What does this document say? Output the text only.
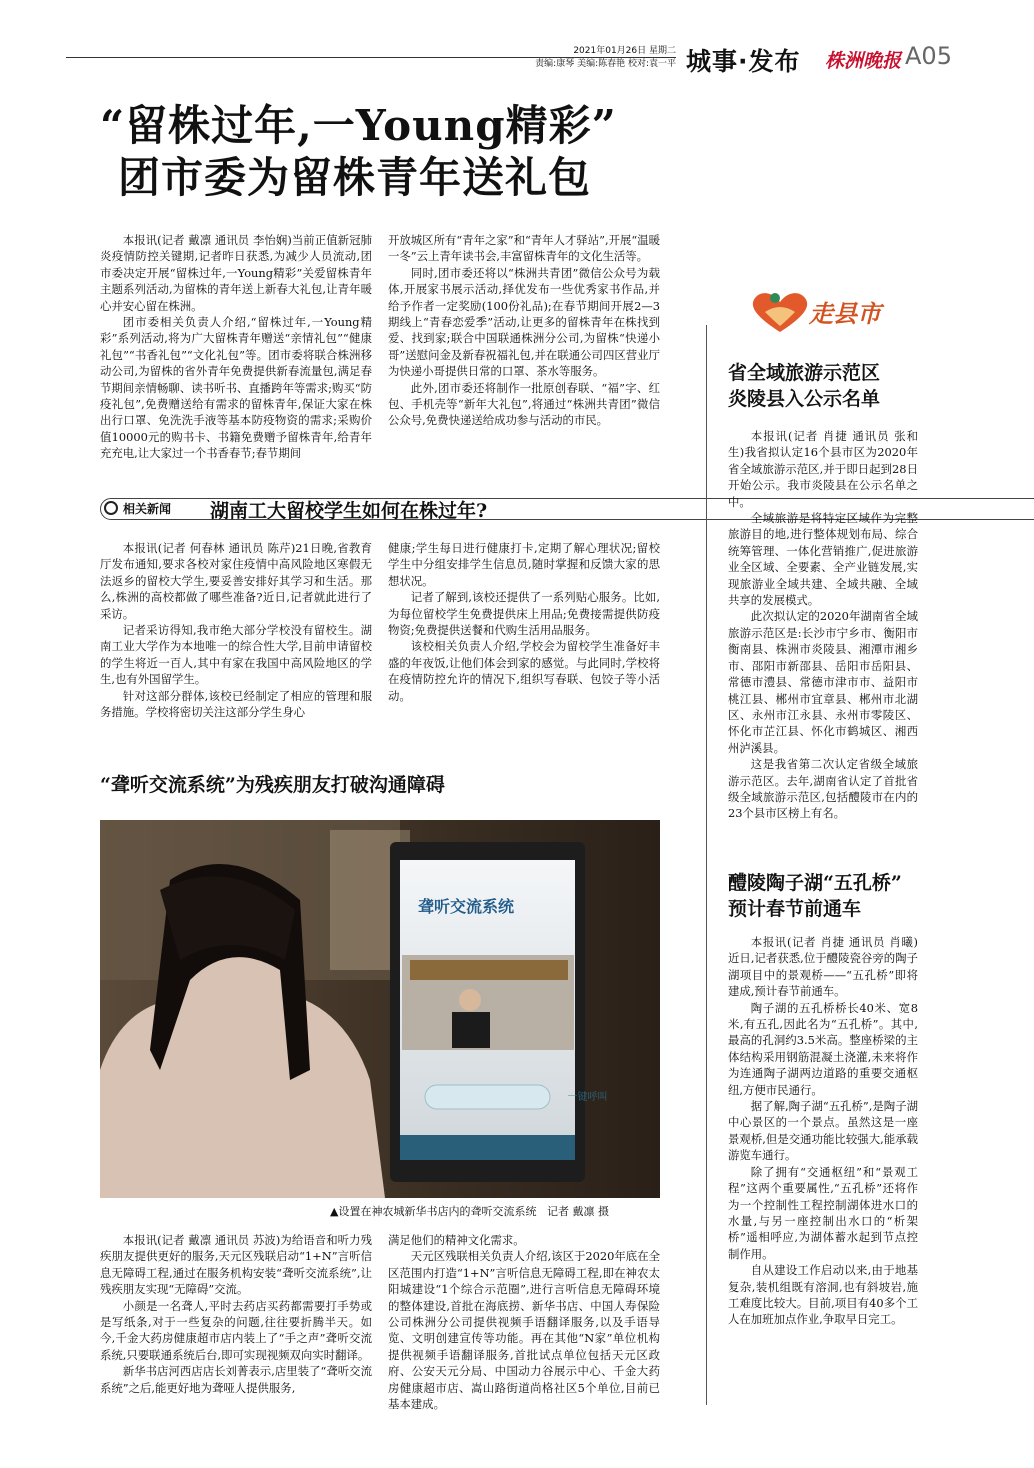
2021年01月26日 星期二
责编:康琴 美编:陈春艳 校对:袁一平 城事·发布 株洲晚报 A05
“留株过年,一Young精彩”
团市委为留株青年送礼包

本报讯(记者 戴凛 通讯员 李怡娴)当前正值新冠肺炎疫情防控关键期,记者昨日获悉,为减少人员流动,团市委决定开展“留株过年,一Young精彩”关爱留株青年主题系列活动,为留株的青年送上新春大礼包,让青年暖心并安心留在株洲。

团市委相关负责人介绍,“留株过年,一Young精彩”系列活动,将为广大留株青年赠送“亲情礼包”“健康礼包”“书香礼包”“文化礼包”等。团市委将联合株洲移动公司,为留株的省外青年免费提供新春流量包,满足春节期间亲情畅聊、读书听书、直播跨年等需求;购买“防疫礼包”,免费赠送给有需求的留株青年,保证大家在株出行口罩、免洗洗手液等基本防疫物资的需求;采购价值10000元的购书卡、书籍免费赠予留株青年,给青年充充电,让大家过一个书香春节;春节期间

开放城区所有“青年之家”和“青年人才驿站”,开展“温暖一冬”云上青年读书会,丰富留株青年的文化生活等。

同时,团市委还将以“株洲共青团”微信公众号为载体,开展家书展示活动,择优发布一些优秀家书作品,并给予作者一定奖励(100份礼品);在春节期间开展2—3期线上“青春恋爱季”活动,让更多的留株青年在株找到爱、找到家;联合中国联通株洲分公司,为留株“快递小哥”送慰问金及新春祝福礼包,并在联通公司四区营业厅为快递小哥提供日常的口罩、茶水等服务。

此外,团市委还将制作一批原创春联、“福”字、红包、手机壳等“新年大礼包”,将通过“株洲共青团”微信公众号,免费快递送给成功参与活动的市民。

相关新闻	湖南工大留校学生如何在株过年?

本报讯(记者 何春林 通讯员 陈芹)21日晚,省教育厅发布通知,要求各校对家住疫情中高风险地区寒假无法返乡的留校大学生,要妥善安排好其学习和生活。那么,株洲的高校都做了哪些准备?近日,记者就此进行了采访。

记者采访得知,我市绝大部分学校没有留校生。湖南工业大学作为本地唯一的综合性大学,目前申请留校的学生将近一百人,其中有家在我国中高风险地区的学生,也有外国留学生。

针对这部分群体,该校已经制定了相应的管理和服务措施。学校将密切关注这部分学生身心

健康;学生每日进行健康打卡,定期了解心理状况;留校学生中分组安排学生信息员,随时掌握和反馈大家的思想状况。

记者了解到,该校还提供了一系列贴心服务。比如,为每位留校学生免费提供床上用品;免费接需提供防疫物资;免费提供送餐和代购生活用品服务。

该校相关负责人介绍,学校会为留校学生准备好丰盛的年夜饭,让他们体会到家的感觉。与此同时,学校将在疫情防控允许的情况下,组织写春联、包饺子等小活动。

“聋听交流系统”为残疾朋友打破沟通障碍
聋听交流系统
一键呼叫
▲设置在神农城新华书店内的聋听交流系统   记者 戴凛 摄

本报讯(记者 戴凛 通讯员 苏波)为给语音和听力残疾朋友提供更好的服务,天元区残联启动“1+N”言听信息无障碍工程,通过在服务机构安装“聋听交流系统”,让残疾朋友实现“无障碍”交流。

小颜是一名聋人,平时去药店买药都需要打手势或是写纸条,对于一些复杂的问题,往往要折腾半天。如今,千金大药房健康超市店内装上了“手之声”聋听交流系统,只要联通系统后台,即可实现视频双向实时翻译。

新华书店河西店店长刘菁表示,店里装了“聋听交流系统”之后,能更好地为聋哑人提供服务,

满足他们的精神文化需求。

天元区残联相关负责人介绍,该区于2020年底在全区范围内打造“1+N”言听信息无障碍工程,即在神农太阳城建设“1个综合示范圈”,进行言听信息无障碍环境的整体建设,首批在海底捞、新华书店、中国人寿保险公司株洲分公司提供视频手语翻译服务,以及手语导览、文明创建宣传等功能。再在其他“N家”单位机构提供视频手语翻译服务,首批试点单位包括天元区政府、公安天元分局、中国动力谷展示中心、千金大药房健康超市店、嵩山路街道尚格社区5个单位,目前已基本建成。

走县市
省全域旅游示范区
炎陵县入公示名单

本报讯(记者 肖捷 通讯员 张和生)我省拟认定16个县市区为2020年省全域旅游示范区,并于即日起到28日开始公示。我市炎陵县在公示名单之中。

全域旅游是将特定区域作为完整旅游目的地,进行整体规划布局、综合统筹管理、一体化营销推广,促进旅游业全区域、全要素、全产业链发展,实现旅游业全域共建、全域共融、全域共享的发展模式。

此次拟认定的2020年湖南省全域旅游示范区是:长沙市宁乡市、衡阳市衡南县、株洲市炎陵县、湘潭市湘乡市、邵阳市新邵县、岳阳市岳阳县、常德市澧县、常德市津市市、益阳市桃江县、郴州市宜章县、郴州市北湖区、永州市江永县、永州市零陵区、怀化市芷江县、怀化市鹤城区、湘西州泸溪县。

这是我省第二次认定省级全域旅游示范区。去年,湖南省认定了首批省级全域旅游示范区,包括醴陵市在内的23个县市区榜上有名。

醴陵陶子湖“五孔桥”
预计春节前通车

本报讯(记者 肖捷 通讯员 肖曦)近日,记者获悉,位于醴陵瓷谷旁的陶子湖项目中的景观桥——“五孔桥”即将建成,预计春节前通车。

陶子湖的五孔桥桥长40米、宽8米,有五孔,因此名为“五孔桥”。其中,最高的孔洞约3.5米高。整座桥梁的主体结构采用钢筋混凝土浇灌,未来将作为连通陶子湖两边道路的重要交通枢纽,方便市民通行。

据了解,陶子湖“五孔桥”,是陶子湖中心景区的一个景点。虽然这是一座景观桥,但是交通功能比较强大,能承载游览车通行。

除了拥有“交通枢纽”和“景观工程”这两个重要属性,“五孔桥”还将作为一个控制性工程控制湖体进水口的水量,与另一座控制出水口的“析架桥”遥相呼应,为湖体蓄水起到节点控制作用。

自从建设工作启动以来,由于地基复杂,装机组既有溶洞,也有斜坡岩,施工难度比较大。目前,项目有40多个工人在加班加点作业,争取早日完工。
